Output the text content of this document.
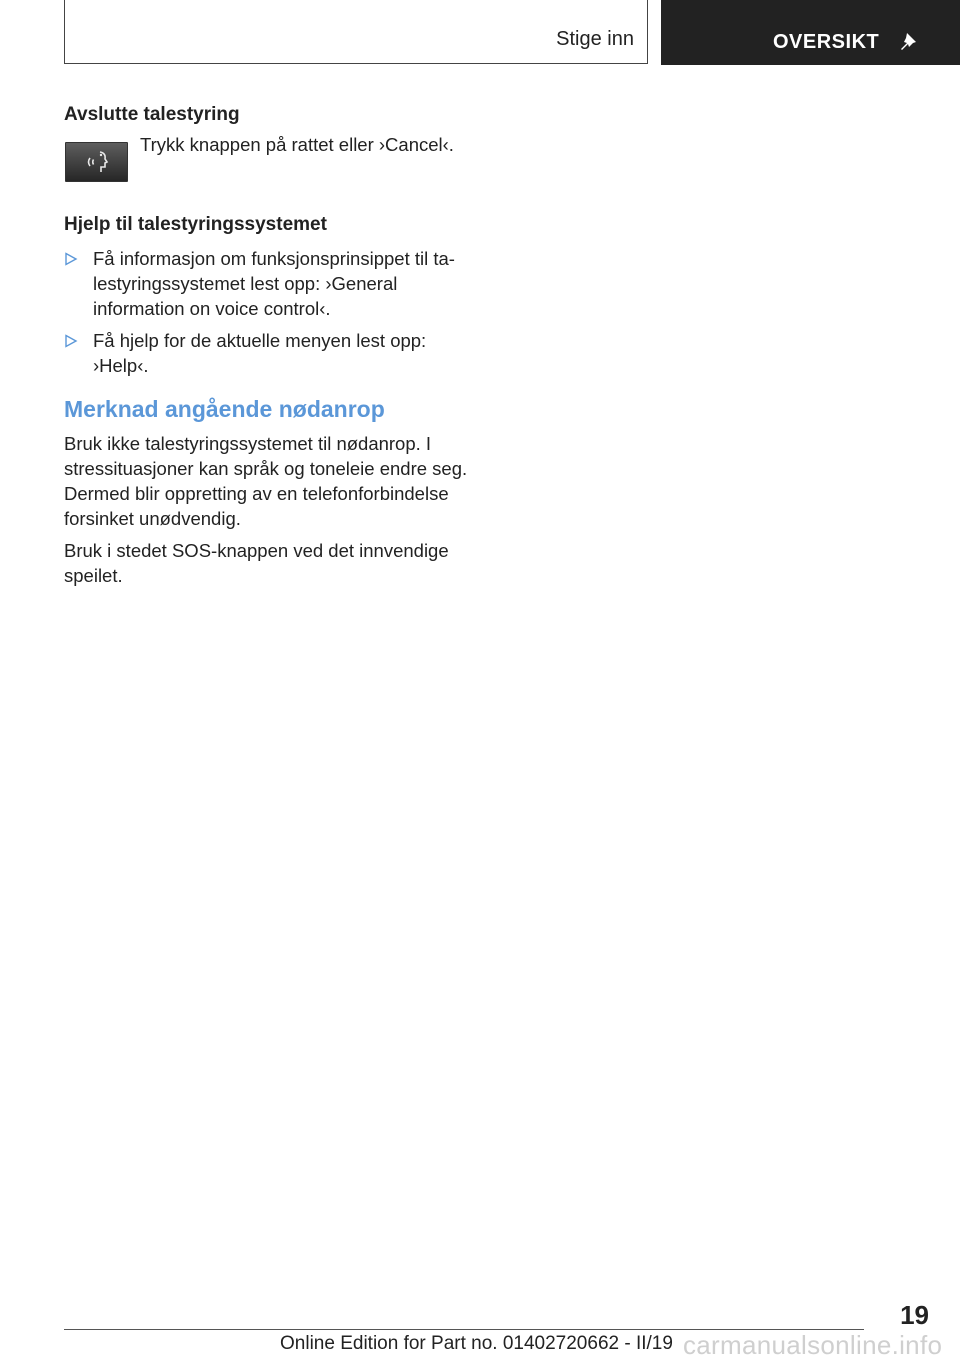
Stige inn	OVERSIKT

Avslutte talestyring

Trykk knappen på rattet eller ›Cancel‹.

Hjelp til talestyringssystemet

Få informasjon om funksjonsprinsippet til ta-
lestyringssystemet lest opp: ›General
information on voice control‹.
Få hjelp for de aktuelle menyen lest opp:
›Help‹.

Merknad angående nødanrop

Bruk ikke talestyringssystemet til nødanrop. I
stressituasjoner kan språk og toneleie endre seg.
Dermed blir oppretting av en telefonforbindelse
forsinket unødvendig.

Bruk i stedet SOS-knappen ved det innvendige
speilet.

19
Online Edition for Part no. 01402720662 - II/19 carmanualsonline.info
